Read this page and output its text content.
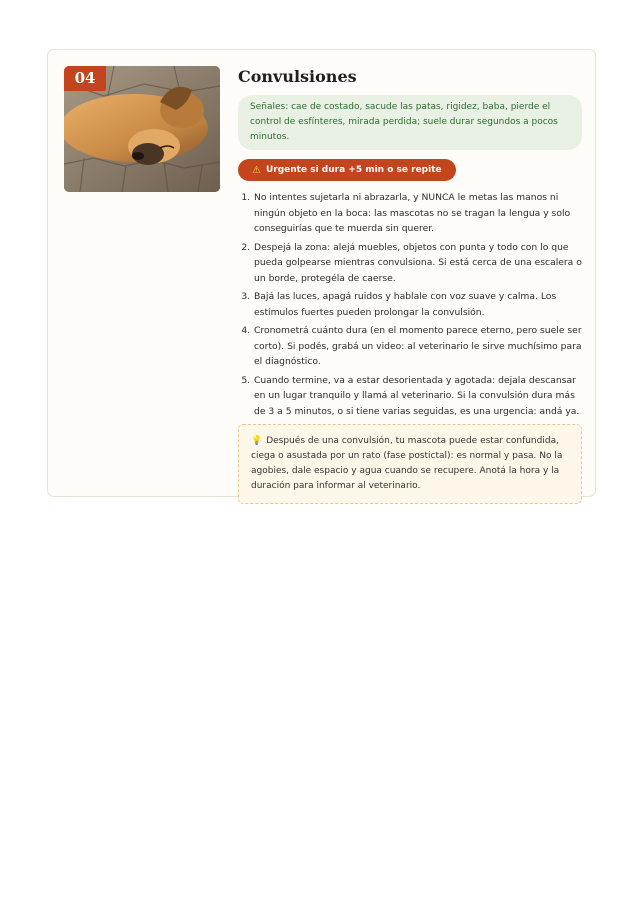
04	Convulsiones
Señales: cae de costado, sacude las patas, rigidez, baba, pierde el control de esfínteres, mirada perdida; suele durar segundos a pocos minutos.
⚠ Urgente si dura +5 min o se repite
1. No intentes sujetarla ni abrazarla, y NUNCA le metas las manos ni ningún objeto en la boca: las mascotas no se tragan la lengua y solo conseguirías que te muerda sin querer.
2. Despejá la zona: alejá muebles, objetos con punta y todo con lo que pueda golpearse mientras convulsiona. Si está cerca de una escalera o un borde, protegéla de caerse.
3. Bajá las luces, apagá ruidos y hablale con voz suave y calma. Los estímulos fuertes pueden prolongar la convulsión.
4. Cronometrá cuánto dura (en el momento parece eterno, pero suele ser corto). Si podés, grabá un video: al veterinario le sirve muchísimo para el diagnóstico.
5. Cuando termine, va a estar desorientada y agotada: dejala descansar en un lugar tranquilo y llamá al veterinario. Si la convulsión dura más de 3 a 5 minutos, o si tiene varias seguidas, es una urgencia: andá ya.
💡 Después de una convulsión, tu mascota puede estar confundida, ciega o asustada por un rato (fase postictal): es normal y pasa. No la agobies, dale espacio y agua cuando se recupere. Anotá la hora y la duración para informar al veterinario.
